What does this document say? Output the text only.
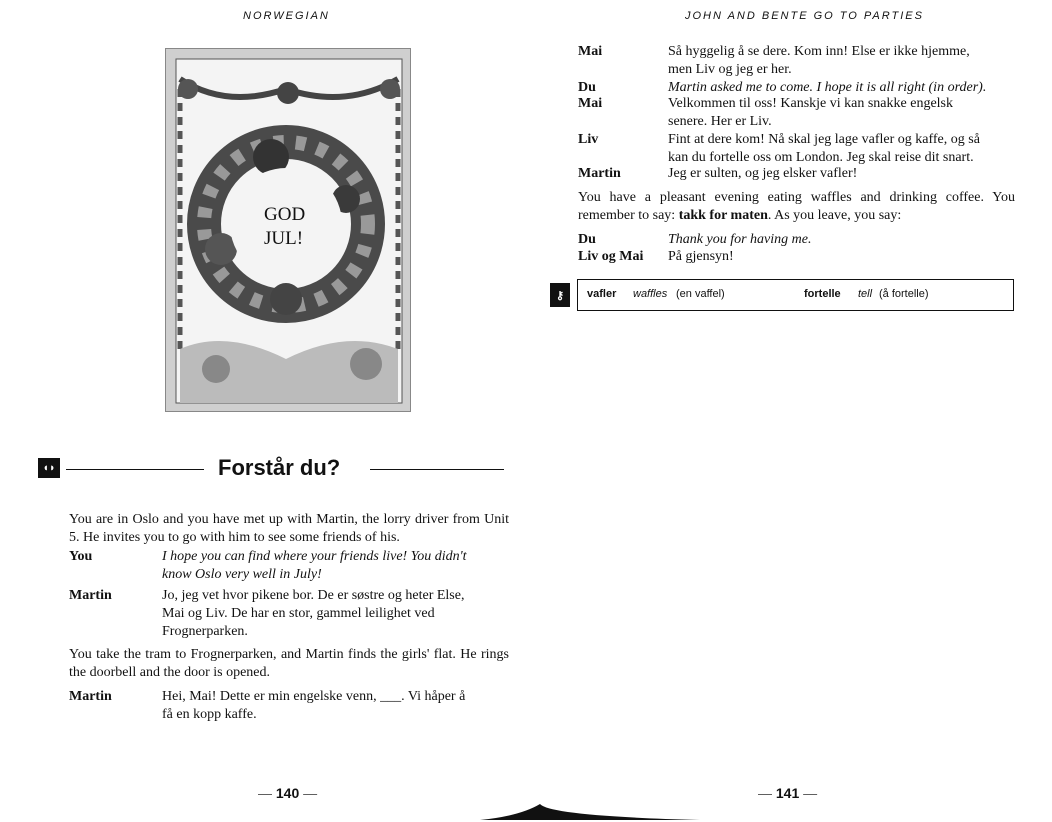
NORWEGIAN	JOHN AND BENTE GO TO PARTIES
GOD
JUL!
◖◗	Forstår du?
You are in Oslo and you have met up with Martin, the lorry driver from Unit 5. He invites you to go with him to see some friends of his.
You	I hope you can find where your friends live! You didn't
know Oslo very well in July!
Martin	Jo, jeg vet hvor pikene bor. De er søstre og heter Else,
Mai og Liv. De har en stor, gammel leilighet ved
Frognerparken.
You take the tram to Frognerparken, and Martin finds the girls' flat. He rings the doorbell and the door is opened.
Martin	Hei, Mai! Dette er min engelske venn, ___. Vi håper å
få en kopp kaffe.
Mai	Så hyggelig å se dere. Kom inn! Else er ikke hjemme,
men Liv og jeg er her.
Du	Martin asked me to come. I hope it is all right (in order).
Mai	Velkommen til oss! Kanskje vi kan snakke engelsk
senere. Her er Liv.
Liv	Fint at dere kom! Nå skal jeg lage vafler og kaffe, og så
kan du fortelle oss om London. Jeg skal reise dit snart.
Martin	Jeg er sulten, og jeg elsker vafler!
You have a pleasant evening eating waffles and drinking coffee. You remember to say: takk for maten. As you leave, you say:
Du	Thank you for having me.
Liv og Mai På gjensyn!
⚷	vafler waffles (en vaffel)	fortelle tell (å fortelle)
— 140 —	— 141 —
